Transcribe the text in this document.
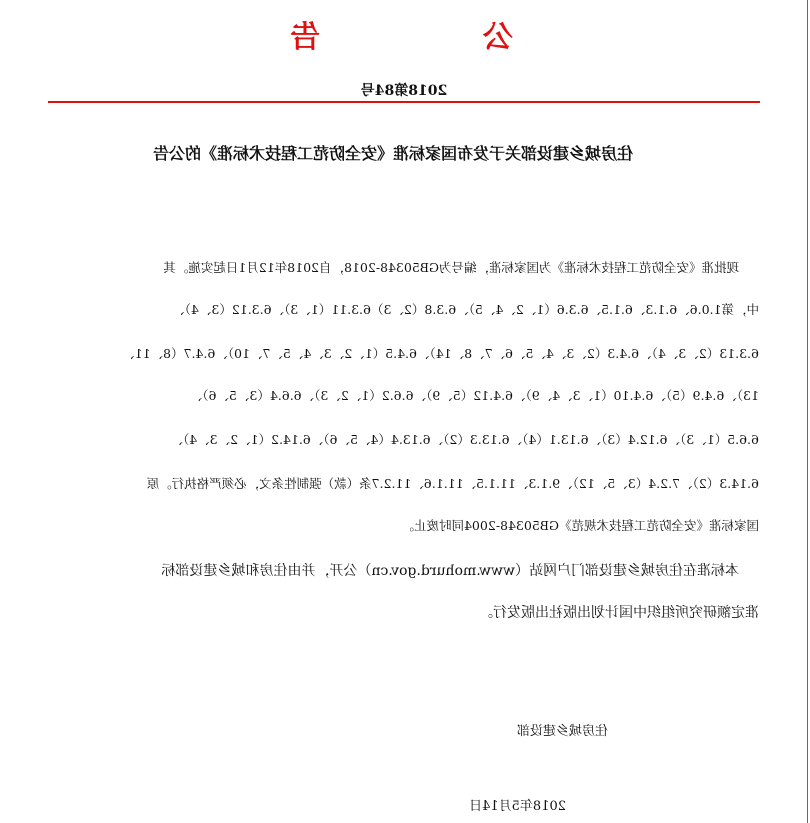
公
告
2018第84号
住房城乡建设部关于发布国家标准《安全防范工程技术标准》的公告
现批准《安全防范工程技术标准》为国家标准，编号为GB50348-2018，自2018年12月1日起实施。其
中，第1.0.6、6.1.3、6.1.5、6.3.6（1、2、4、5）、6.3.8（2、3）6.3.11（1、3）、6.3.12（3、4）、
6.3.13（2、3、4）、6.4.3（2、3、4、5、6、7、8、14）、6.4.5（1、2、3、4、5、7、10）、6.4.7（8、11、
13）、6.4.9（5）、6.4.10（1、3、4、9）、6.4.12（5、9）、6.6.2（1、2、3）、6.6.4（3、5、6）、
6.6.5（1、3）、6.12.4（3）、6.13.1（4）、6.13.3（2）、6.13.4（4、5、6）、6.14.2（1、2、3、4）、
6.14.3（2）、7.2.4（3、5、12）、9.1.3、11.1.5、11.1.6、11.2.7条（款）强制性条文，必须严格执行。原
国家标准《安全防范工程技术规范》GB50348-2004同时废止。
本标准在住房城乡建设部门户网站（www.mohurd.gov.cn）公开，并由住房和城乡建设部标
准定额研究所组织中国计划出版社出版发行。
住房城乡建设部
2018年5月14日
